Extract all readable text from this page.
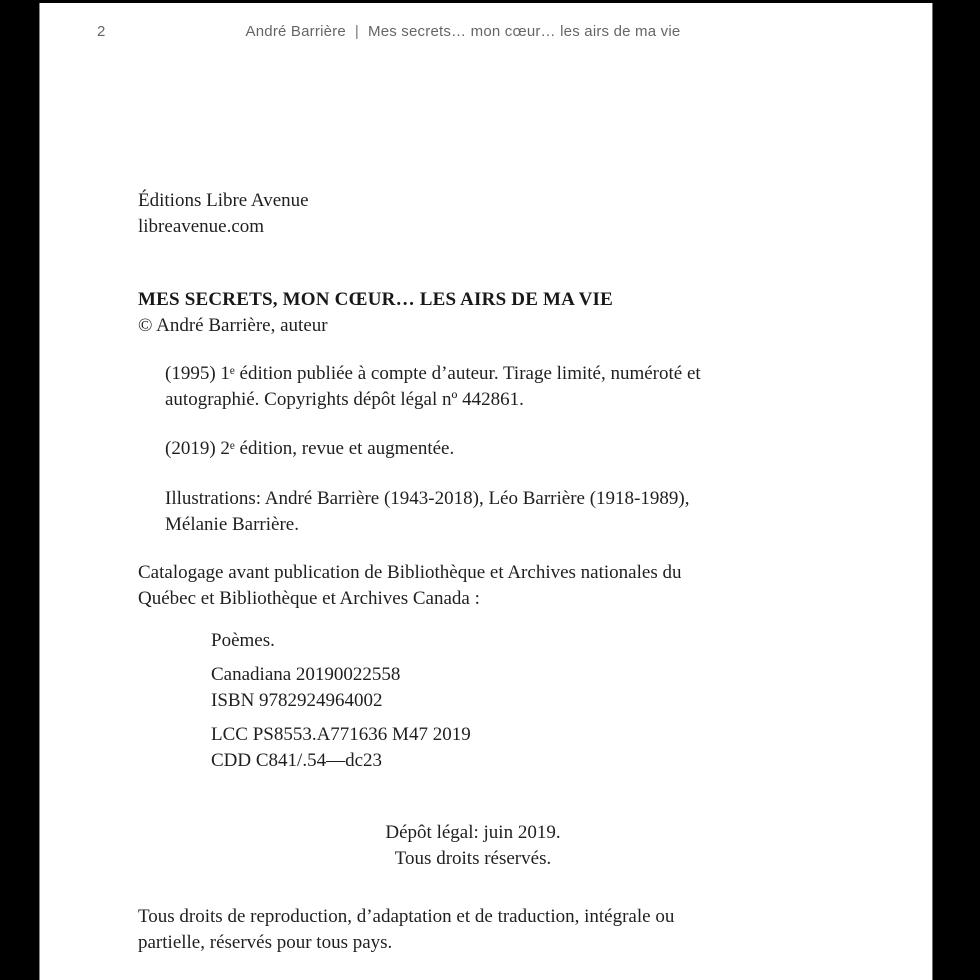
2	André Barrière | Mes secrets… mon cœur… les airs de ma vie
Éditions Libre Avenue
libreavenue.com
MES SECRETS, MON CŒUR… LES AIRS DE MA VIE
© André Barrière, auteur
(1995) 1ᵉ édition publiée à compte d’auteur. Tirage limité, numéroté et
autographié. Copyrights dépôt légal nº 442861.
(2019) 2ᵉ édition, revue et augmentée.
Illustrations: André Barrière (1943-2018), Léo Barrière (1918-1989),
Mélanie Barrière.
Catalogage avant publication de Bibliothèque et Archives nationales du
Québec et Bibliothèque et Archives Canada :
Poèmes.
Canadiana 20190022558
ISBN 9782924964002
LCC PS8553.A771636 M47 2019
CDD C841/.54—dc23
Dépôt légal: juin 2019.
Tous droits réservés.
Tous droits de reproduction, d’adaptation et de traduction, intégrale ou
partielle, réservés pour tous pays.
